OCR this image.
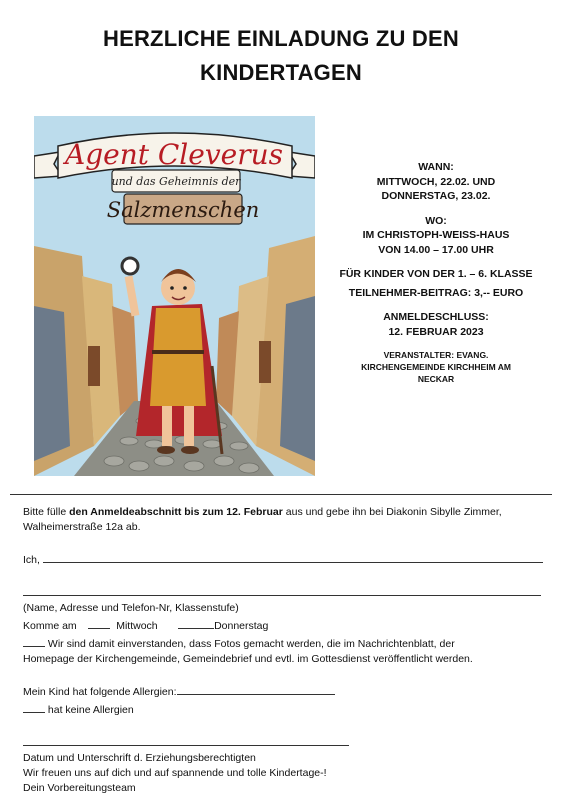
HERZLICHE EINLADUNG ZU DEN
KINDERTAGEN
Agent Cleverus
und das Geheimnis der
Salzmenschen
WANN:
MITTWOCH, 22.02. UND
DONNERSTAG, 23.02.
WO:
IM CHRISTOPH-WEISS-HAUS
VON 14.00 – 17.00 UHR
FÜR KINDER VON DER 1. – 6. KLASSE
TEILNEHMER-BEITRAG: 3,-- EURO
ANMELDESCHLUSS:
12. FEBRUAR 2023
VERANSTALTER: EVANG.
KIRCHENGEMEINDE KIRCHHEIM AM
NECKAR

Bitte fülle den Anmeldeabschnitt bis zum 12. Februar aus und gebe ihn bei Diakonin Sibylle Zimmer,

Walheimerstraße 12a ab.

Ich,

(Name, Adresse und Telefon-Nr, Klassenstufe)

Komme am	Mittwoch	Donnerstag

Wir sind damit einverstanden, dass Fotos gemacht werden, die im Nachrichtenblatt, der

Homepage der Kirchengemeinde, Gemeindebrief und evtl. im Gottesdienst veröffentlicht werden.

Mein Kind hat folgende Allergien:

hat keine Allergien

Datum und Unterschrift d. Erziehungsberechtigten

Wir freuen uns auf dich und auf spannende und tolle Kindertage-!

Dein Vorbereitungsteam
